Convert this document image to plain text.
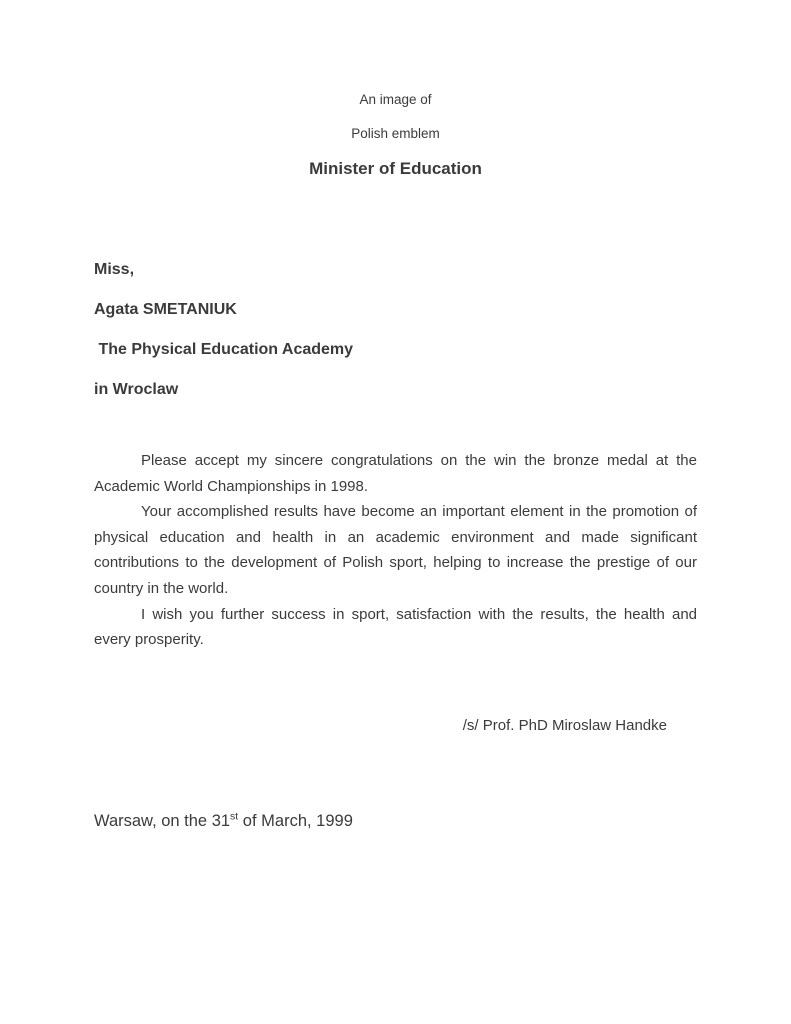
An image of
Polish emblem
Minister of Education
Miss,
Agata SMETANIUK
The Physical Education Academy
in Wroclaw

Please accept my sincere congratulations on the win the bronze medal at the Academic World Championships in 1998.

Your accomplished results have become an important element in the promotion of physical education and health in an academic environment and made significant contributions to the development of Polish sport, helping to increase the prestige of our country in the world.

I wish you further success in sport, satisfaction with the results, the health and every prosperity.

/s/ Prof. PhD Miroslaw Handke
Warsaw, on the 31st of March, 1999
